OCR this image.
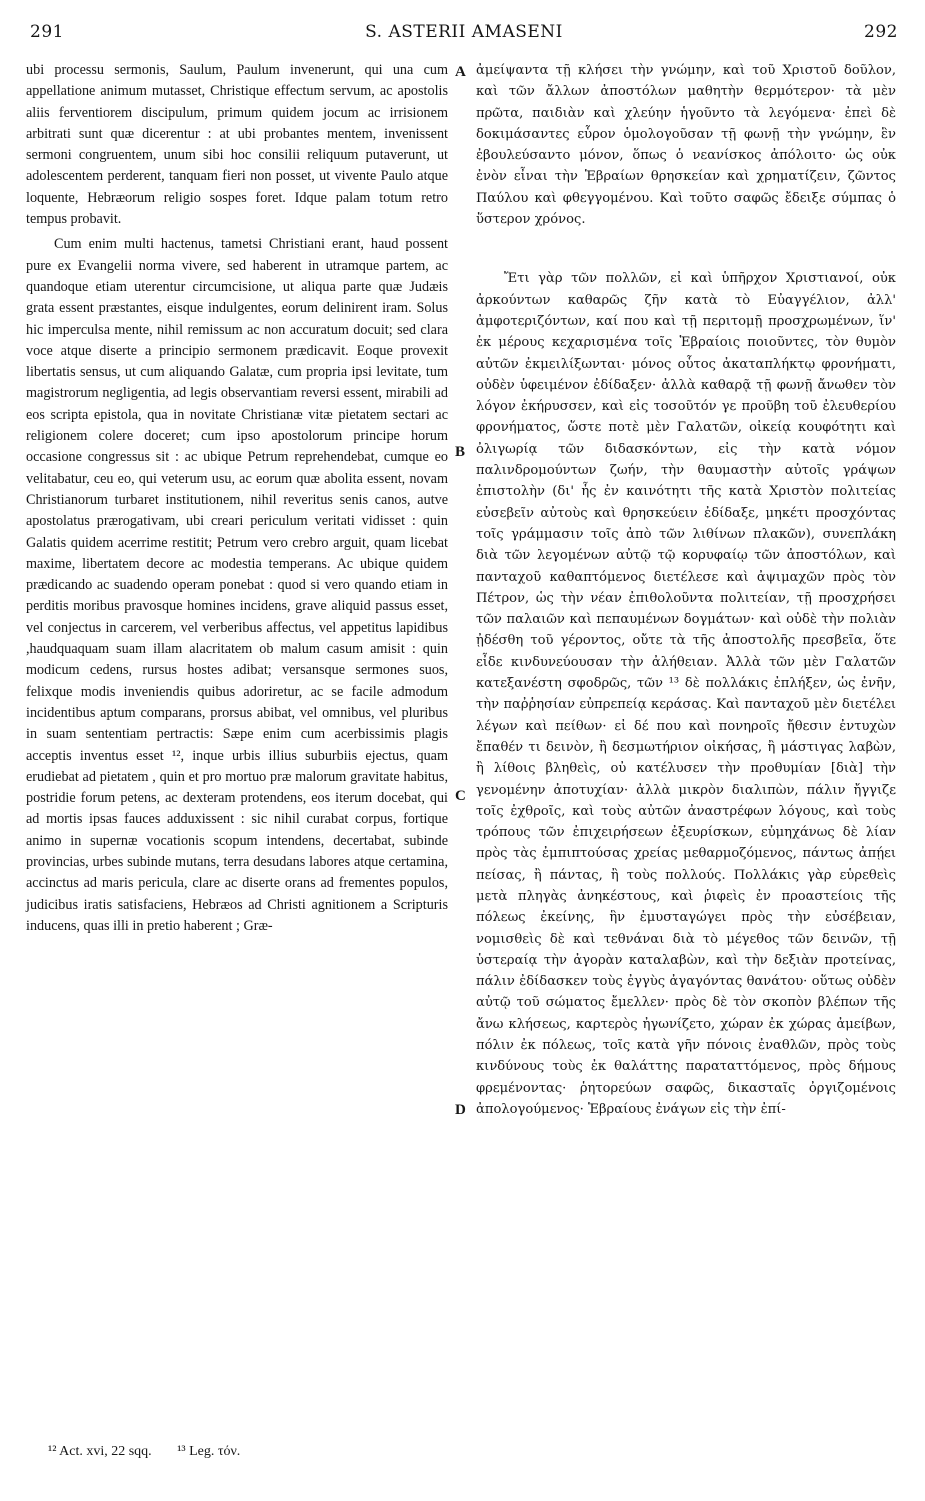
291	S. ASTERII AMASENI	292

ubi processu sermonis, Saulum, Paulum invenerunt, qui una cum appellatione animum mutasset, Christique effectum servum, ac apostolis aliis ferventiorem discipulum, primum quidem jocum ac irrisionem arbitrati sunt quæ dicerentur : at ubi probantes mentem, invenissent sermoni congruentem, unum sibi hoc consilii reliquum putaverunt, ut adolescentem perderent, tanquam fieri non posset, ut vivente Paulo atque loquente, Hebræorum religio sospes foret. Idque palam totum retro tempus probavit.

Cum enim multi hactenus, tametsi Christiani erant, haud possent pure ex Evangelii norma vivere, sed haberent in utramque partem, ac quandoque etiam uterentur circumcisione, ut aliqua parte quæ Judæis grata essent præstantes, eisque indulgentes, eorum delinirent iram. Solus hic imperculsa mente, nihil remissum ac non accuratum docuit; sed clara voce atque diserte a principio sermonem prædicavit. Eoque provexit libertatis sensus, ut cum aliquando Galatæ, cum propria ipsi levitate, tum magistrorum negligentia, ad legis observantiam reversi essent, mirabili ad eos scripta epistola, qua in novitate Christianæ vitæ pietatem sectari ac religionem colere doceret; cum ipso apostolorum principe horum occasione congressus sit : ac ubique Petrum reprehendebat, cumque eo velitabatur, ceu eo, qui veterum usu, ac eorum quæ abolita essent, novam Christianorum turbaret institutionem, nihil reveritus senis canos, autve apostolatus prærogativam, ubi creari periculum veritati vidisset : quin Galatis quidem acerrime restitit; Petrum vero crebro arguit, quam licebat maxime, libertatem decore ac modestia temperans. Ac ubique quidem prædicando ac suadendo operam ponebat : quod si vero quando etiam in perditis moribus pravosque homines incidens, grave aliquid passus esset, vel conjectus in carcerem, vel verberibus affectus, vel appetitus lapidibus ,haudquaquam suam illam alacritatem ob malum casum amisit : quin modicum cedens, rursus hostes adibat; versansque sermones suos, felixque modis inveniendis quibus adoriretur, ac se facile admodum incidentibus aptum comparans, prorsus abibat, vel omnibus, vel pluribus in suam sententiam pertractis: Sæpe enim cum acerbissimis plagis acceptis inventus esset ¹², inque urbis illius suburbiis ejectus, quam erudiebat ad pietatem , quin et pro mortuo præ malorum gravitate habitus, postridie forum petens, ac dexteram protendens, eos iterum docebat, qui ad mortis ipsas fauces adduxissent : sic nihil curabat corpus, fortique animo in supernæ vocationis scopum intendens, decertabat, subinde provincias, urbes subinde mutans, terra desudans labores atque certamina, accinctus ad maris pericula, clare ac diserte orans ad frementes populos, judicibus iratis satisfaciens, Hebræos ad Christi agnitionem a Scripturis inducens, quas illi in pretio haberent ; Græ-

A
B
C
D

ἀμείψαντα τῇ κλήσει τὴν γνώμην, καὶ τοῦ Χριστοῦ δοῦλον, καὶ τῶν ἄλλων ἀποστόλων μαθητὴν θερμότερον· τὰ μὲν πρῶτα, παιδιὰν καὶ χλεύην ἡγοῦντο τὰ λεγόμενα· ἐπεὶ δὲ δοκιμάσαντες εὗρον ὁμολογοῦσαν τῇ φωνῇ τὴν γνώμην, ἓν ἐβουλεύσαντο μόνον, ὅπως ὁ νεανίσκος ἀπόλοιτο· ὡς οὐκ ἐνὸν εἶναι τὴν Ἑβραίων θρησκείαν καὶ χρηματίζειν, ζῶντος Παύλου καὶ φθεγγομένου. Καὶ τοῦτο σαφῶς ἔδειξε σύμπας ὁ ὕστερον χρόνος.

Ἔτι γὰρ τῶν πολλῶν, εἰ καὶ ὑπῆρχον Χριστιανοί, οὐκ ἀρκούντων καθαρῶς ζῆν κατὰ τὸ Εὐαγγέλιον, ἀλλ' ἀμφοτεριζόντων, καί που καὶ τῇ περιτομῇ προσχρωμένων, ἵν' ἐκ μέρους κεχαρισμένα τοῖς Ἑβραίοις ποιοῦντες, τὸν θυμὸν αὐτῶν ἐκμειλίξωνται· μόνος οὗτος ἀκαταπλήκτῳ φρονήματι, οὐδὲν ὑφειμένον ἐδίδαξεν· ἀλλὰ καθαρᾷ τῇ φωνῇ ἄνωθεν τὸν λόγον ἐκήρυσσεν, καὶ εἰς τοσοῦτόν γε προῦβη τοῦ ἐλευθερίου φρονήματος, ὥστε ποτὲ μὲν Γαλατῶν, οἰκείᾳ κουφότητι καὶ ὀλιγωρίᾳ τῶν διδασκόντων, εἰς τὴν κατὰ νόμον παλινδρομούντων ζωήν, τὴν θαυμαστὴν αὐτοῖς γράψων ἐπιστολὴν (δι' ἧς ἐν καινότητι τῆς κατὰ Χριστὸν πολιτείας εὐσεβεῖν αὐτοὺς καὶ θρησκεύειν ἐδίδαξε, μηκέτι προσχόντας τοῖς γράμμασιν τοῖς ἀπὸ τῶν λιθίνων πλακῶν), συνεπλάκη διὰ τῶν λεγομένων αὐτῷ τῷ κορυφαίῳ τῶν ἀποστόλων, καὶ πανταχοῦ καθαπτόμενος διετέλεσε καὶ ἀψιμαχῶν πρὸς τὸν Πέτρον, ὡς τὴν νέαν ἐπιθολοῦντα πολιτείαν, τῇ προσχρήσει τῶν παλαιῶν καὶ πεπαυμένων δογμάτων· καὶ οὐδὲ τὴν πολιὰν ᾐδέσθη τοῦ γέροντος, οὔτε τὰ τῆς ἀποστολῆς πρεσβεῖα, ὅτε εἶδε κινδυνεύουσαν τὴν ἀλήθειαν. Ἀλλὰ τῶν μὲν Γαλατῶν κατεξανέστη σφοδρῶς, τῶν ¹³ δὲ πολλάκις ἐπλήξεν, ὡς ἐνῆν, τὴν παῤῥησίαν εὐπρεπείᾳ κεράσας. Καὶ πανταχοῦ μὲν διετέλει λέγων καὶ πείθων· εἰ δέ που καὶ πονηροῖς ἤθεσιν ἐντυχὼν ἔπαθέν τι δεινὸν, ἢ δεσμωτήριον οἰκήσας, ἢ μάστιγας λαβὼν, ἢ λίθοις βληθεὶς, οὐ κατέλυσεν τὴν προθυμίαν [διὰ] τὴν γενομένην ἀποτυχίαν· ἀλλὰ μικρὸν διαλιπὼν, πάλιν ἤγγιζε τοῖς ἐχθροῖς, καὶ τοὺς αὐτῶν ἀναστρέφων λόγους, καὶ τοὺς τρόπους τῶν ἐπιχειρήσεων ἐξευρίσκων, εὐμηχάνως δὲ λίαν πρὸς τὰς ἐμπιπτούσας χρείας μεθαρμοζόμενος, πάντως ἀπῄει πείσας, ἢ πάντας, ἢ τοὺς πολλούς. Πολλάκις γὰρ εὑρεθεὶς μετὰ πληγὰς ἀνηκέστους, καὶ ῥιφεὶς ἐν προαστείοις τῆς πόλεως ἐκείνης, ἣν ἐμυσταγώγει πρὸς τὴν εὐσέβειαν, νομισθεὶς δὲ καὶ τεθνάναι διὰ τὸ μέγεθος τῶν δεινῶν, τῇ ὑστεραίᾳ τὴν ἀγορὰν καταλαβὼν, καὶ τὴν δεξιὰν προτείνας, πάλιν ἐδίδασκεν τοὺς ἐγγὺς ἀγαγόντας θανάτου· οὕτως οὐδὲν αὐτῷ τοῦ σώματος ἔμελλεν· πρὸς δὲ τὸν σκοπὸν βλέπων τῆς ἄνω κλήσεως, καρτερὸς ἠγωνίζετο, χώραν ἐκ χώρας ἀμείβων, πόλιν ἐκ πόλεως, τοῖς κατὰ γῆν πόνοις ἐναθλῶν, πρὸς τοὺς κινδύνους τοὺς ἐκ θαλάττης παραταττόμενος, πρὸς δήμους φρεμένοντας· ῥητορεύων σαφῶς, δικασταῖς ὀργιζομένοις ἀπολογούμενος· Ἑβραίους ἐνάγων εἰς τὴν ἐπί-

¹² Act. xvi, 22 sqq. ¹³ Leg. τόν.
